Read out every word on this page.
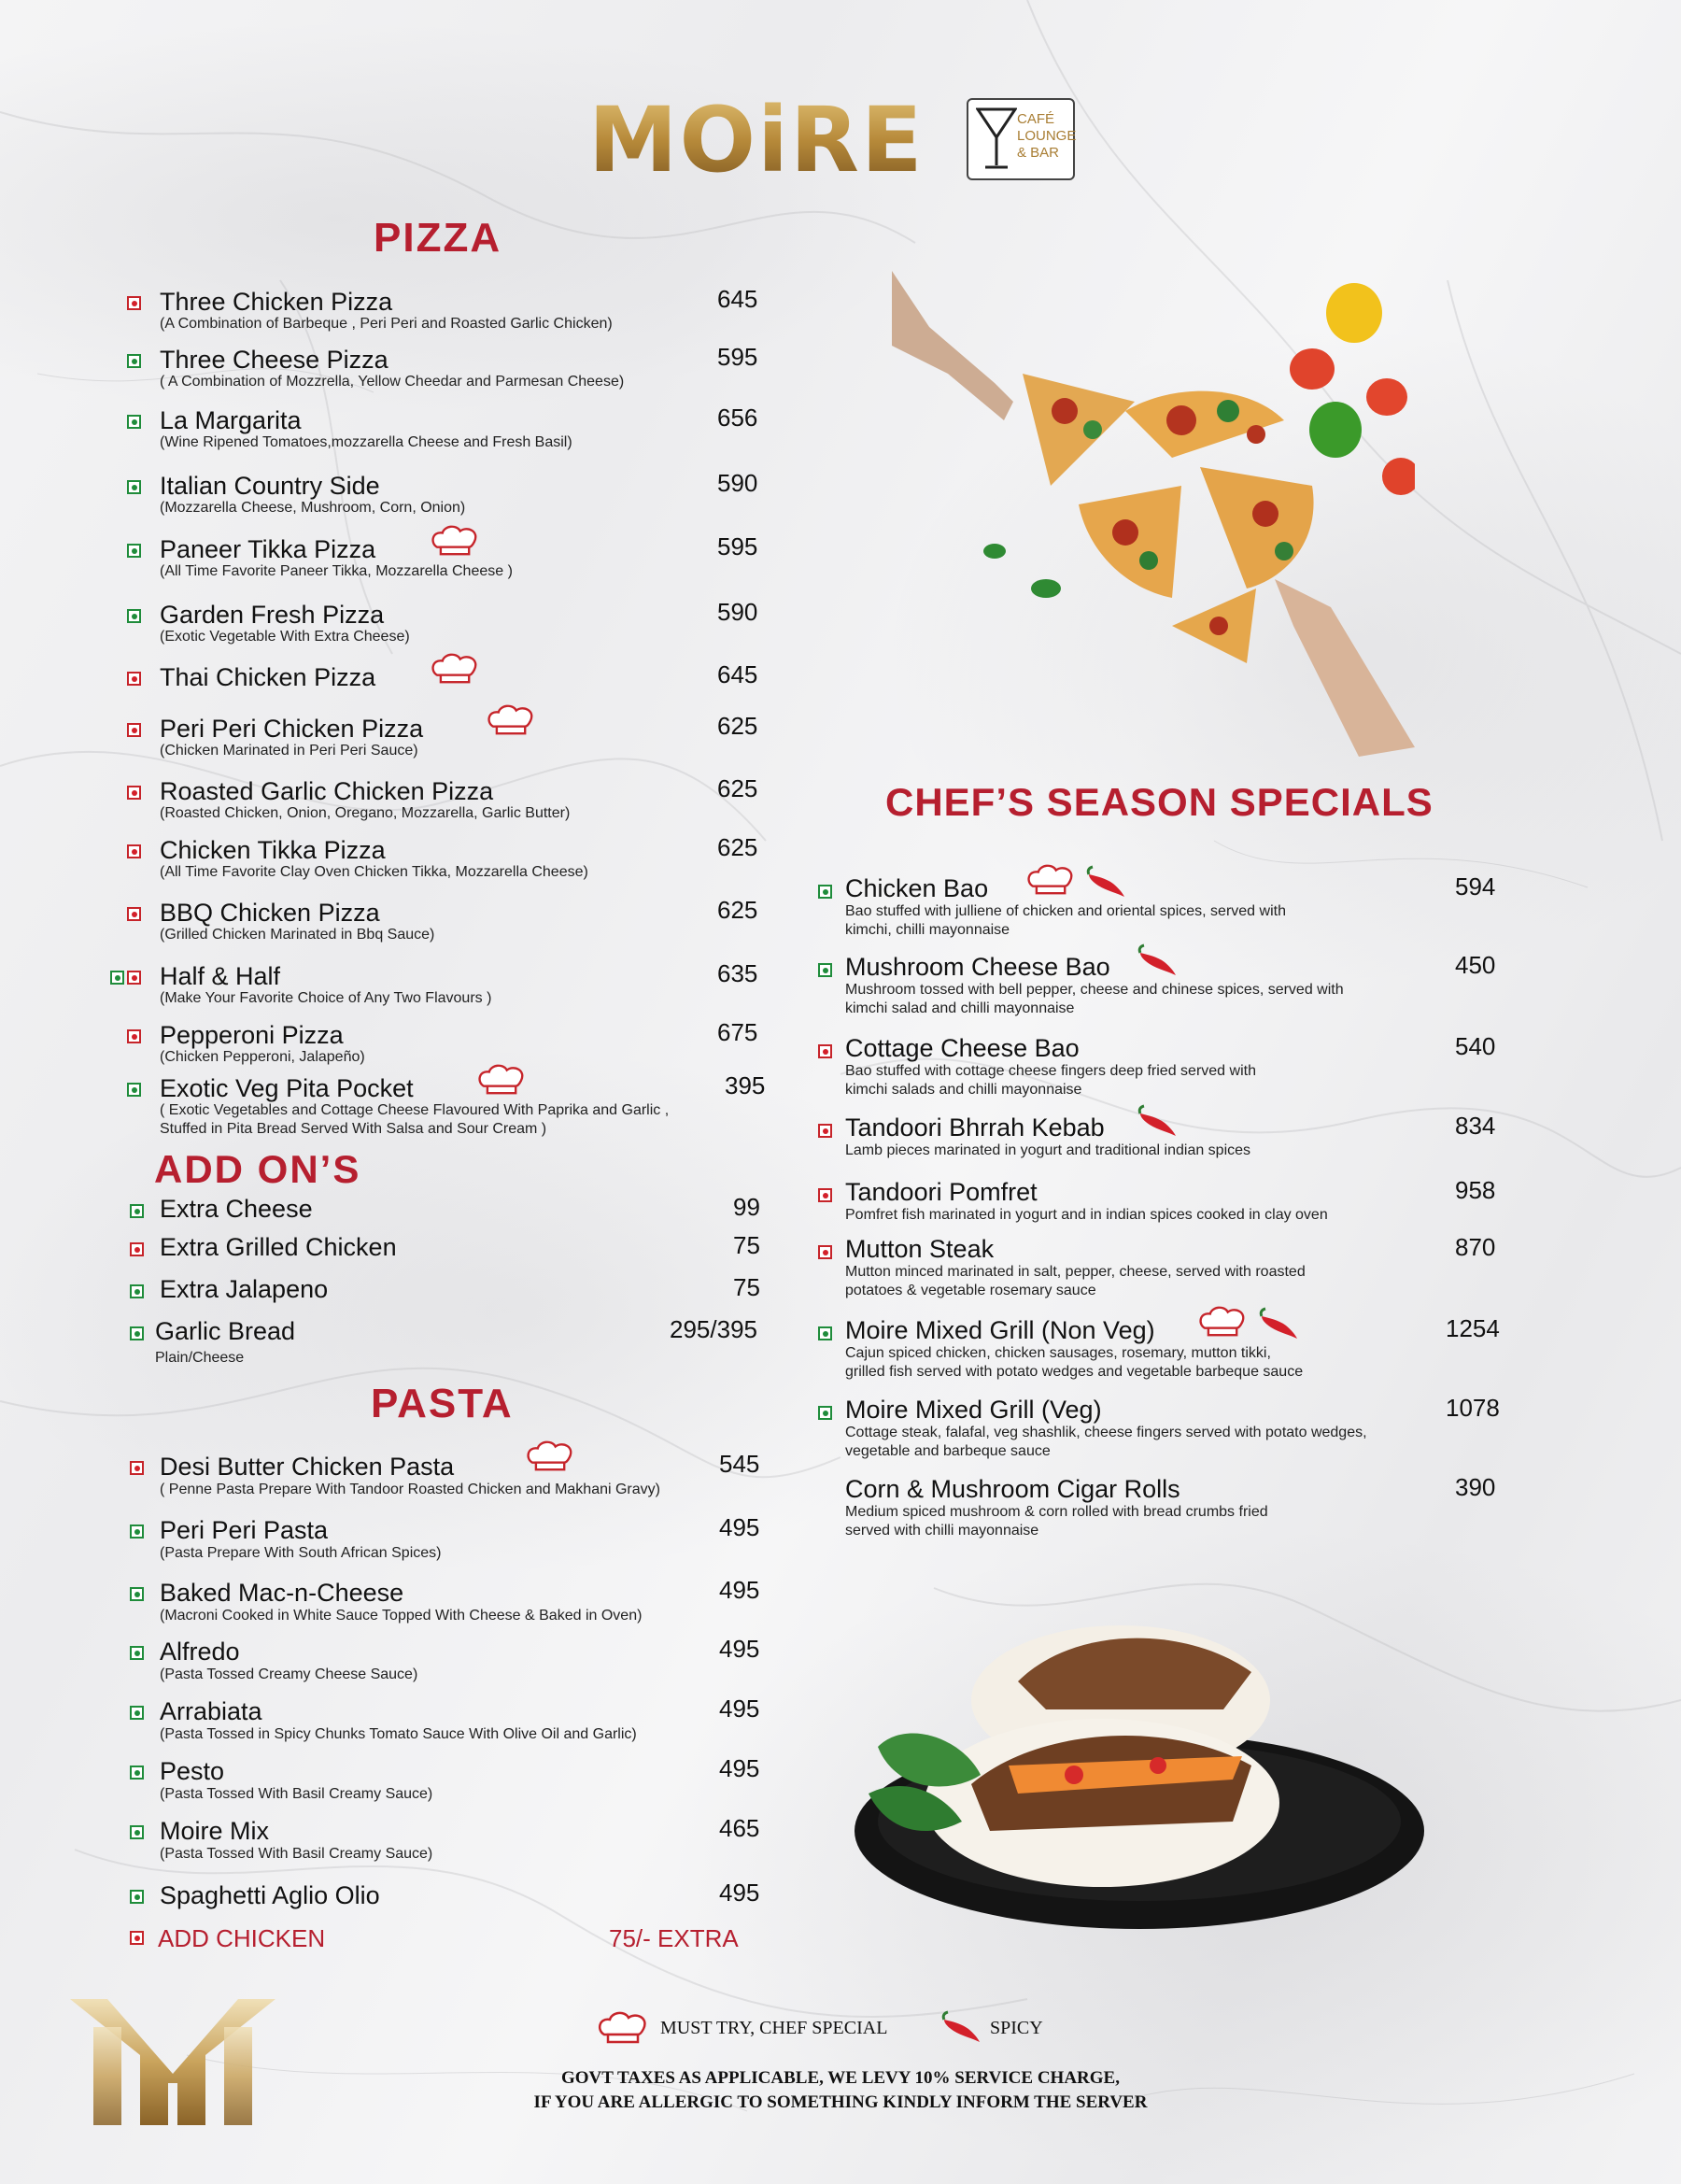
MOiRE	CAFÉ
LOUNGE
& BAR
PIZZA
ADD ON’S
PASTA
CHEF’S SEASON SPECIALS
Three Chicken Pizza	645
(A Combination of Barbeque , Peri Peri and Roasted Garlic Chicken)
Three Cheese Pizza	595
( A Combination of Mozzrella, Yellow Cheedar and Parmesan Cheese)
La Margarita	656
(Wine Ripened Tomatoes,mozzarella Cheese and Fresh Basil)
Italian Country Side	590
(Mozzarella Cheese, Mushroom, Corn, Onion)
Paneer Tikka Pizza	595
(All Time Favorite Paneer Tikka, Mozzarella Cheese )
Garden Fresh Pizza	590
(Exotic Vegetable With Extra Cheese)
Thai Chicken Pizza	645
Peri Peri Chicken Pizza	625
(Chicken Marinated in Peri Peri Sauce)
Roasted Garlic Chicken Pizza	625
(Roasted Chicken, Onion, Oregano, Mozzarella, Garlic Butter)
Chicken Tikka Pizza	625
(All Time Favorite Clay Oven Chicken Tikka, Mozzarella Cheese)
BBQ Chicken Pizza	625
(Grilled Chicken Marinated in Bbq Sauce)
Half & Half	635
(Make Your Favorite Choice of Any Two Flavours )
Pepperoni Pizza	675
(Chicken Pepperoni, Jalapeño)
Exotic Veg Pita Pocket	395
( Exotic Vegetables and Cottage Cheese Flavoured With Paprika and Garlic ,
Stuffed in Pita Bread Served With Salsa and Sour Cream )
Extra Cheese	99
Extra Grilled Chicken	75
Extra Jalapeno	75
Garlic Bread	295/395
Plain/Cheese
Desi Butter Chicken Pasta	545
( Penne Pasta Prepare With Tandoor Roasted Chicken and Makhani Gravy)
Peri Peri Pasta	495
(Pasta Prepare With South African Spices)
Baked Mac-n-Cheese	495
(Macroni Cooked in White Sauce Topped With Cheese & Baked in Oven)
Alfredo	495
(Pasta Tossed Creamy Cheese Sauce)
Arrabiata	495
(Pasta Tossed in Spicy Chunks Tomato Sauce With Olive Oil and Garlic)
Pesto	495
(Pasta Tossed With Basil Creamy Sauce)
Moire Mix	465
(Pasta Tossed With Basil Creamy Sauce)
Spaghetti Aglio Olio	495
ADD CHICKEN	75/- EXTRA
Chicken Bao	594
Bao stuffed with julliene of chicken and oriental spices, served with
kimchi, chilli mayonnaise
Mushroom Cheese Bao	450
Mushroom tossed with bell pepper, cheese and chinese spices, served with
kimchi salad and chilli mayonnaise
Cottage Cheese Bao	540
Bao stuffed with cottage cheese fingers deep fried served with
kimchi salads and chilli mayonnaise
Tandoori Bhrrah Kebab	834
Lamb pieces marinated in yogurt and traditional indian spices
Tandoori Pomfret	958
Pomfret fish marinated in yogurt and in indian spices cooked in clay oven
Mutton Steak	870
Mutton minced marinated in salt, pepper, cheese, served with roasted
potatoes & vegetable rosemary sauce
Moire Mixed Grill (Non Veg)	1254
Cajun spiced chicken, chicken sausages, rosemary, mutton tikki,
grilled fish served with potato wedges and vegetable barbeque sauce
Moire Mixed Grill (Veg)	1078
Cottage steak, falafal, veg shashlik, cheese fingers served with potato wedges,
vegetable and barbeque sauce
Corn & Mushroom Cigar Rolls	390
Medium spiced mushroom & corn rolled with bread crumbs fried
served with chilli mayonnaise
MUST TRY, CHEF SPECIAL	SPICY
GOVT TAXES AS APPLICABLE, WE LEVY 10% SERVICE CHARGE,
IF YOU ARE ALLERGIC TO SOMETHING KINDLY INFORM THE SERVER
